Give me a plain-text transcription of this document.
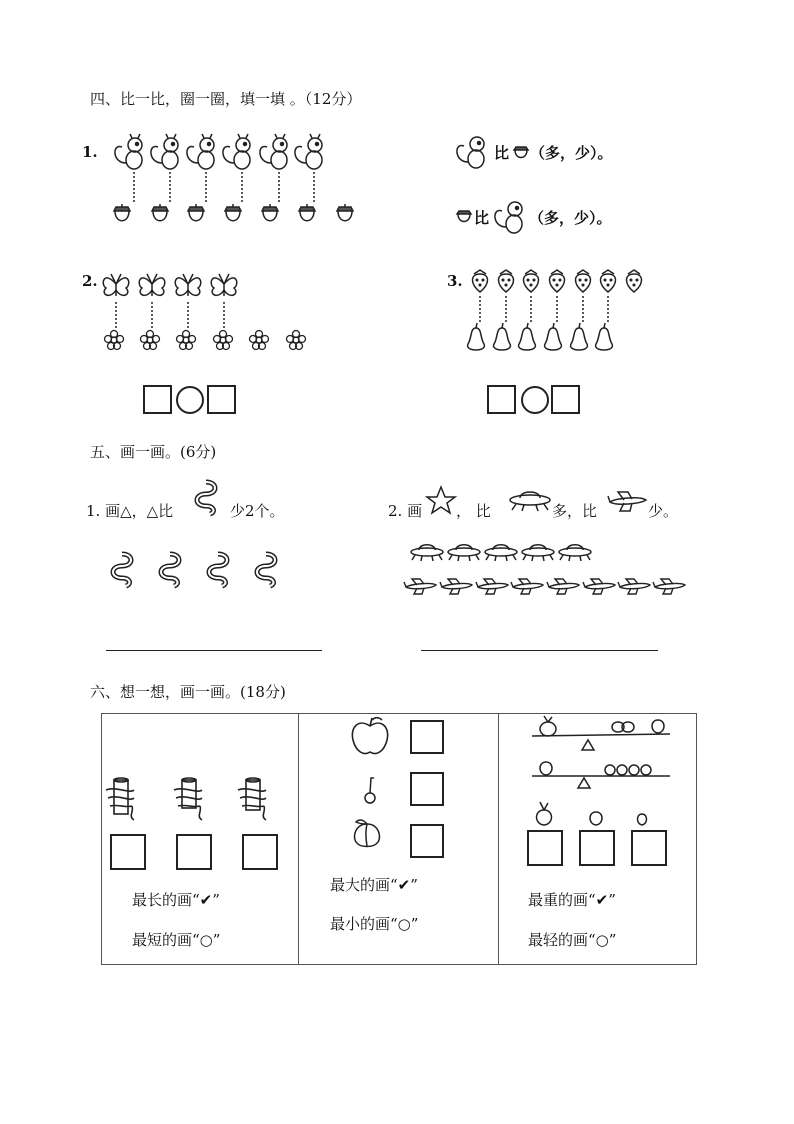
四、比一比，圈一圈，填一填 。（12分）
1.	比 （多，少）。
比	（多，少）。
2.	3.
五、画一画。(6分)
1. 画△，△比	少2个。	2. 画 ， 比	多，比	少。
六、想一想，画一画。(18分)
最长的画“✔”
最短的画“○”
最大的画“✔”
最小的画“○”
最重的画“✔”
最轻的画“○”
